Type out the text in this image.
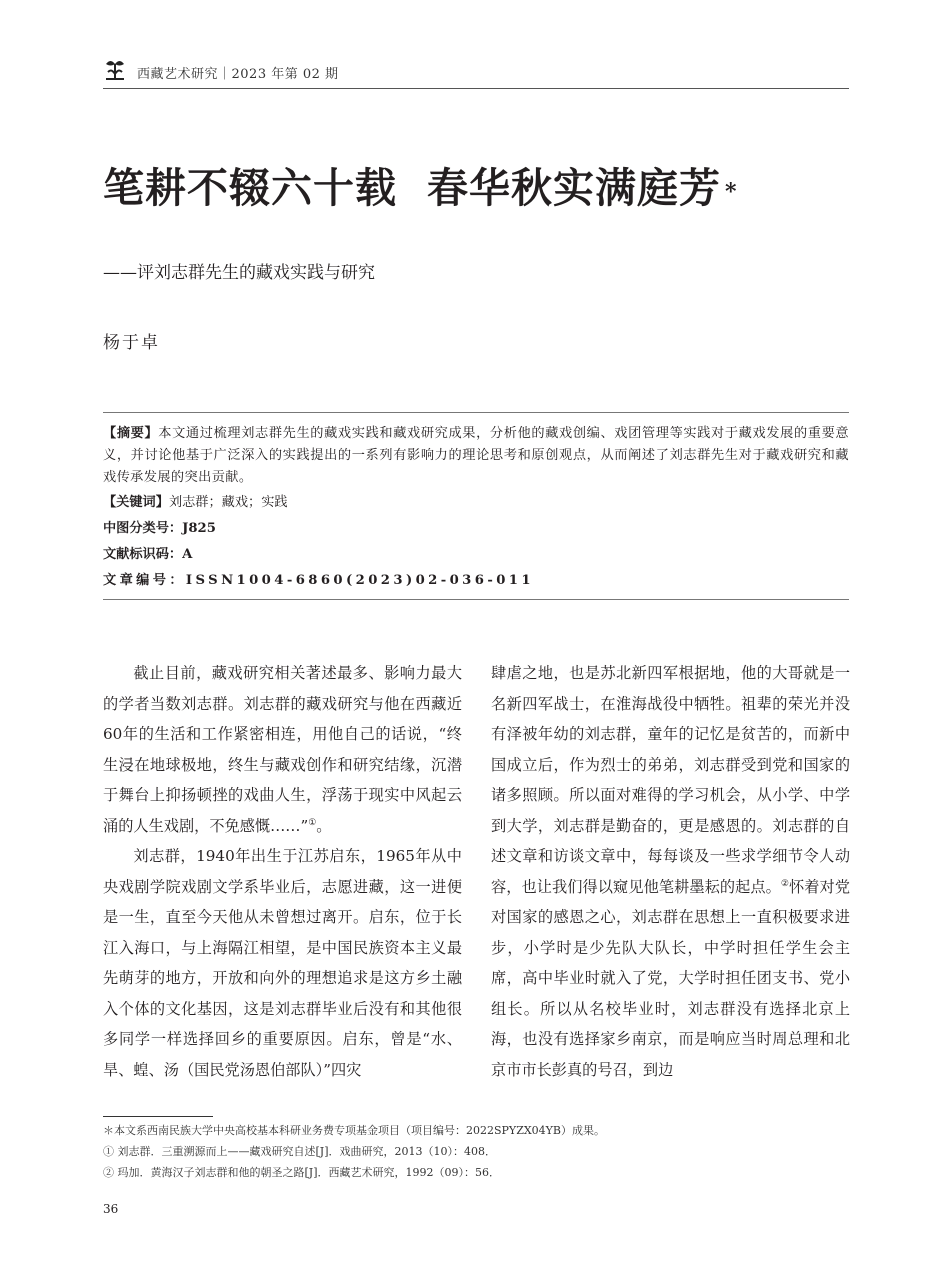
西藏艺术研究｜2023 年第 02 期
笔耕不辍六十载 春华秋实满庭芳 *
——评刘志群先生的藏戏实践与研究
杨于卓

【摘要】本文通过梳理刘志群先生的藏戏实践和藏戏研究成果，分析他的藏戏创编、戏团管理等实践对于藏戏发展的重要意义，并讨论他基于广泛深入的实践提出的一系列有影响力的理论思考和原创观点，从而阐述了刘志群先生对于藏戏研究和藏戏传承发展的突出贡献。

【关键词】刘志群；藏戏；实践
中图分类号：J825
文献标识码：A
文章编号：ISSN1004-6860(2023)02-036-011

截止目前，藏戏研究相关著述最多、影响力最大的学者当数刘志群。刘志群的藏戏研究与他在西藏近60年的生活和工作紧密相连，用他自己的话说，“终生浸在地球极地，终生与藏戏创作和研究结缘，沉潜于舞台上抑扬顿挫的戏曲人生，浮荡于现实中风起云涌的人生戏剧，不免感慨……”①。

刘志群，1940年出生于江苏启东，1965年从中央戏剧学院戏剧文学系毕业后，志愿进藏，这一进便是一生，直至今天他从未曾想过离开。启东，位于长江入海口，与上海隔江相望，是中国民族资本主义最先萌芽的地方，开放和向外的理想追求是这方乡土融入个体的文化基因，这是刘志群毕业后没有和其他很多同学一样选择回乡的重要原因。启东，曾是“水、旱、蝗、汤（国民党汤恩伯部队）”四灾

肆虐之地，也是苏北新四军根据地，他的大哥就是一名新四军战士，在淮海战役中牺牲。祖辈的荣光并没有泽被年幼的刘志群，童年的记忆是贫苦的，而新中国成立后，作为烈士的弟弟，刘志群受到党和国家的诸多照顾。所以面对难得的学习机会，从小学、中学到大学，刘志群是勤奋的，更是感恩的。刘志群的自述文章和访谈文章中，每每谈及一些求学细节令人动容，也让我们得以窥见他笔耕墨耘的起点。②怀着对党对国家的感恩之心，刘志群在思想上一直积极要求进步，小学时是少先队大队长，中学时担任学生会主席，高中毕业时就入了党，大学时担任团支书、党小组长。所以从名校毕业时，刘志群没有选择北京上海，也没有选择家乡南京，而是响应当时周总理和北京市市长彭真的号召，到边

＊本文系西南民族大学中央高校基本科研业务费专项基金项目（项目编号：2022SPYZX04YB）成果。
① 刘志群．三重溯源而上——藏戏研究自述[J]．戏曲研究，2013（10）：408．
② 玛加．黄海汉子刘志群和他的朝圣之路[J]．西藏艺术研究，1992（09）：56．
36
